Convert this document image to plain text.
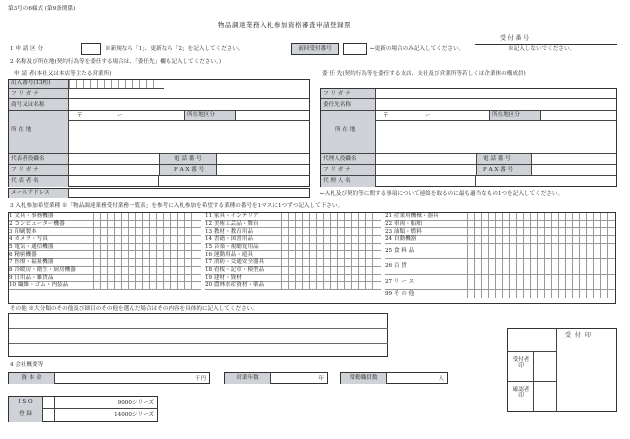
第3号の6様式 (第9条関係)
物品調達業務入札参加資格審査申請登録票
受付番号
1 申 請 区 分	※新規なら「1」、更新なら「2」を記入してください。	前回受付番号	←更新の場合のみ記入してください。	※記入しないでください。
2 名称及び所在地(契約行為等を委任する場合は、「委任先」欄も記入してください。)
申 請 者(本社又は本店等主たる営業所)	委 任 先(契約行為等を委任する支店、支社及び営業所等若しくは企業体の構成員)
出入番号(13桁)
フ リ ガ ナ
商号又は名称
所 在 地
〒	ー	所在地区分
代表者役職名	電 話 番 号
フ リ ガ ナ	F A X 番 号
代 表 者 名
メールアドレス	←入札及び契約等に関する事項について連絡を取るのに最も適当なもの1つを記入してください。
フ リ ガ ナ
委任先名称
所 在 地
〒	ー	所在地区分
代理人役職名	電 話 番 号
フ リ ガ ナ	F A X 番 号
代 理 人 名
3 入札参加希望業種 ※「物品調達業務受付業務一覧表」を参考に入札参加を希望する業種の番号を1マスに1つずつ記入して下さい。
1 文具・事務機器
2 コンピューター機器
3 印刷製本
4 カメラ・写真
5 電気・通信機器
6 精密機器
7 医療・福祉機器
8 冷暖房・衛生・厨房機器
9 日用品・雑貨品
10 繊維・ゴム・内装品
11 家具・インテリア
12 美術工芸品・舞台
13 教材・教育用品
14 書籍・図書用品
15 音楽・視聴覚用品
16 運動用品・遊具
17 消防・交通安全器具
18 看板・記章・模型品
19 建材・資材
20 農林水産資材・薬品
21 産業用機械・器具
22 車両・船舶
23 油類・燃料
24 自動機器
25 食 料 品
26 百 貨
27 リ ー ス
99 そ の 他
その他 ※大分類のその他及び細目のその他を選んだ場合はその内容を具体的に記入してください。
4 会社概要等
資 本 金	千円	営業年数	年	常勤職員数	人
I S O
登 録
9000シリーズ
14000シリーズ
受 付 印
受付者印
確認者印
